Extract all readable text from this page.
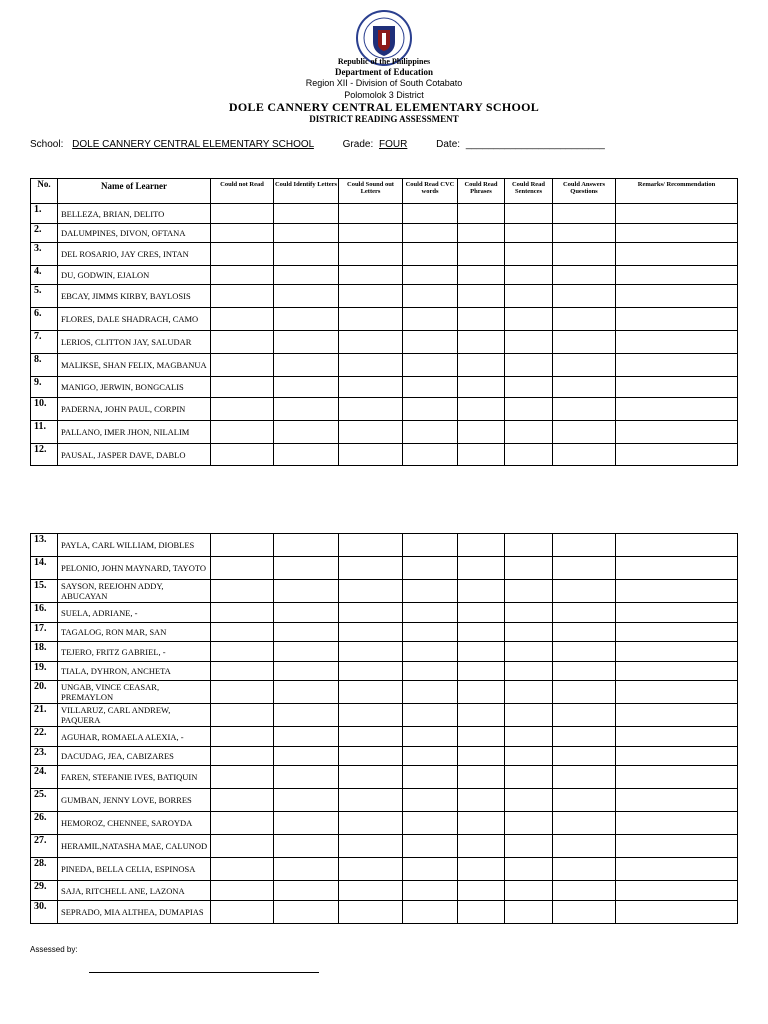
Republic of the Philippines
Department of Education
Region XII - Division of South Cotabato
Polomolok 3 District
DOLE CANNERY CENTRAL ELEMENTARY SCHOOL
DISTRICT READING ASSESSMENT
School: DOLE CANNERY CENTRAL ELEMENTARY SCHOOL	Grade: FOUR	Date: _________________________
No.	Name of Learner	Could not Read	Could Identify Letters	Could Sound out Letters	Could Read CVC words	Could Read Phrases	Could Read Sentences	Could Answers Questions	Remarks/ Recommendation
1.	BELLEZA, BRIAN, DELITO								
2.	DALUMPINES, DIVON, OFTANA								
3.	DEL ROSARIO, JAY CRES, INTAN								
4.	DU, GODWIN, EJALON								
5.	EBCAY, JIMMS KIRBY, BAYLOSIS								
6.	FLORES, DALE SHADRACH, CAMO								
7.	LERIOS, CLITTON JAY, SALUDAR								
8.	MALIKSE, SHAN FELIX, MAGBANUA								
9.	MANIGO, JERWIN, BONGCALIS								
10.	PADERNA, JOHN PAUL, CORPIN								
11.	PALLANO, IMER JHON, NILALIM								
12.	PAUSAL, JASPER DAVE, DABLO								
13.	PAYLA, CARL WILLIAM, DIOBLES								
14.	PELONIO, JOHN MAYNARD, TAYOTO								
15.	SAYSON, REEJOHN ADDY, ABUCAYAN								
16.	SUELA, ADRIANE, -								
17.	TAGALOG, RON MAR, SAN								
18.	TEJERO, FRITZ GABRIEL, -								
19.	TIALA, DYHRON, ANCHETA								
20.	UNGAB, VINCE CEASAR, PREMAYLON								
21.	VILLARUZ, CARL ANDREW, PAQUERA								
22.	AGUHAR, ROMAELA ALEXIA, -								
23.	DACUDAG, JEA, CABIZARES								
24.	FAREN, STEFANIE IVES, BATIQUIN								
25.	GUMBAN, JENNY LOVE, BORRES								
26.	HEMOROZ, CHENNEE, SAROYDA								
27.	HERAMIL,NATASHA MAE, CALUNOD								
28.	PINEDA, BELLA CELIA, ESPINOSA								
29.	SAJA, RITCHELL ANE, LAZONA								
30.	SEPRADO, MIA ALTHEA, DUMAPIAS								
Assessed by:
